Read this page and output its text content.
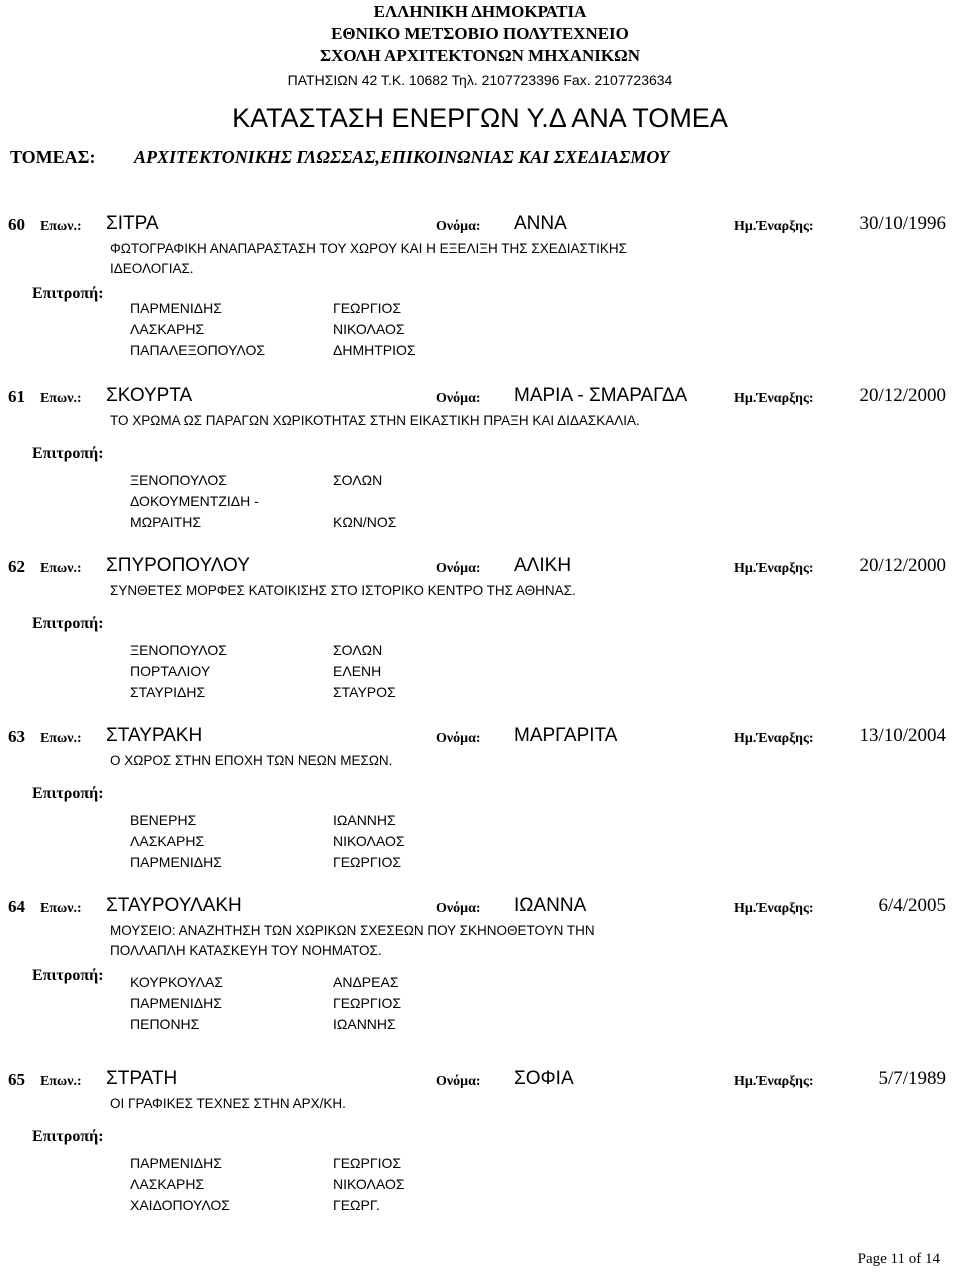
ΕΛΛΗΝΙΚΗ ΔΗΜΟΚΡΑΤΙΑ
ΕΘΝΙΚΟ ΜΕΤΣΟΒΙΟ ΠΟΛΥΤΕΧΝΕΙΟ
ΣΧΟΛΗ ΑΡΧΙΤΕΚΤΟΝΩΝ ΜΗΧΑΝΙΚΩΝ
ΠΑΤΗΣΙΩΝ 42 Τ.Κ. 10682 Τηλ. 2107723396 Fax. 2107723634
ΚΑΤΑΣΤΑΣΗ ΕΝΕΡΓΩΝ Υ.Δ ΑΝΑ ΤΟΜΕΑ
ΤΟΜΕΑΣ: ΑΡΧΙΤΕΚΤΟΝΙΚΗΣ ΓΛΩΣΣΑΣ,ΕΠΙΚΟΙΝΩΝΙΑΣ ΚΑΙ ΣΧΕΔΙΑΣΜΟΥ
60 Επων.: ΣΙΤΡΑ	Ονόμα: ΑΝΝΑ	Ημ.Έναρξης: 30/10/1996
ΦΩΤΟΓΡΑΦΙΚΗ ΑΝΑΠΑΡΑΣΤΑΣΗ ΤΟΥ ΧΩΡΟΥ ΚΑΙ Η ΕΞΕΛΙΞΗ ΤΗΣ ΣΧΕΔΙΑΣΤΙΚΗΣ
ΙΔΕΟΛΟΓΙΑΣ.
Επιτροπή:
ΠΑΡΜΕΝΙΔΗΣ	ΓΕΩΡΓΙΟΣ
ΛΑΣΚΑΡΗΣ	ΝΙΚΟΛΑΟΣ
ΠΑΠΑΛΕΞΟΠΟΥΛΟΣ	ΔΗΜΗΤΡΙΟΣ
61 Επων.: ΣΚΟΥΡΤΑ	Ονόμα: ΜΑΡΙΑ - ΣΜΑΡΑΓΔΑ	Ημ.Έναρξης: 20/12/2000
ΤΟ ΧΡΩΜΑ ΩΣ ΠΑΡΑΓΩΝ ΧΩΡΙΚΟΤΗΤΑΣ ΣΤΗΝ ΕΙΚΑΣΤΙΚΗ ΠΡΑΞΗ ΚΑΙ ΔΙΔΑΣΚΑΛΙΑ.
Επιτροπή:
ΞΕΝΟΠΟΥΛΟΣ	ΣΟΛΩΝ
ΔΟΚΟΥΜΕΝΤΖΙΔΗ -
ΜΩΡΑΙΤΗΣ	ΚΩΝ/ΝΟΣ
62 Επων.: ΣΠΥΡΟΠΟΥΛΟΥ	Ονόμα: ΑΛΙΚΗ	Ημ.Έναρξης: 20/12/2000
ΣΥΝΘΕΤΕΣ ΜΟΡΦΕΣ ΚΑΤΟΙΚΙΣΗΣ ΣΤΟ ΙΣΤΟΡΙΚΟ ΚΕΝΤΡΟ ΤΗΣ ΑΘΗΝΑΣ.
Επιτροπή:
ΞΕΝΟΠΟΥΛΟΣ	ΣΟΛΩΝ
ΠΟΡΤΑΛΙΟΥ	ΕΛΕΝΗ
ΣΤΑΥΡΙΔΗΣ	ΣΤΑΥΡΟΣ
63 Επων.: ΣΤΑΥΡΑΚΗ	Ονόμα: ΜΑΡΓΑΡΙΤΑ	Ημ.Έναρξης: 13/10/2004
Ο ΧΩΡΟΣ ΣΤΗΝ ΕΠΟΧΗ ΤΩΝ ΝΕΩΝ ΜΕΣΩΝ.
Επιτροπή:
ΒΕΝΕΡΗΣ	ΙΩΑΝΝΗΣ
ΛΑΣΚΑΡΗΣ	ΝΙΚΟΛΑΟΣ
ΠΑΡΜΕΝΙΔΗΣ	ΓΕΩΡΓΙΟΣ
64 Επων.: ΣΤΑΥΡΟΥΛΑΚΗ	Ονόμα: ΙΩΑΝΝΑ	Ημ.Έναρξης:	6/4/2005
ΜΟΥΣΕΙΟ: ΑΝΑΖΗΤΗΣΗ ΤΩΝ ΧΩΡΙΚΩΝ ΣΧΕΣΕΩΝ ΠΟΥ ΣΚΗΝΟΘΕΤΟΥΝ ΤΗΝ
ΠΟΛΛΑΠΛΗ ΚΑΤΑΣΚΕΥΗ ΤΟΥ ΝΟΗΜΑΤΟΣ.
Επιτροπή: ΚΟΥΡΚΟΥΛΑΣ	ΑΝΔΡΕΑΣ
ΠΑΡΜΕΝΙΔΗΣ	ΓΕΩΡΓΙΟΣ
ΠΕΠΟΝΗΣ	ΙΩΑΝΝΗΣ
65 Επων.: ΣΤΡΑΤΗ	Ονόμα: ΣΟΦΙΑ	Ημ.Έναρξης:	5/7/1989
ΟΙ ΓΡΑΦΙΚΕΣ ΤΕΧΝΕΣ ΣΤΗΝ ΑΡΧ/ΚΗ.
Επιτροπή:
ΠΑΡΜΕΝΙΔΗΣ	ΓΕΩΡΓΙΟΣ
ΛΑΣΚΑΡΗΣ	ΝΙΚΟΛΑΟΣ
ΧΑΙΔΟΠΟΥΛΟΣ	ΓΕΩΡΓ.
Page 11 of 14
